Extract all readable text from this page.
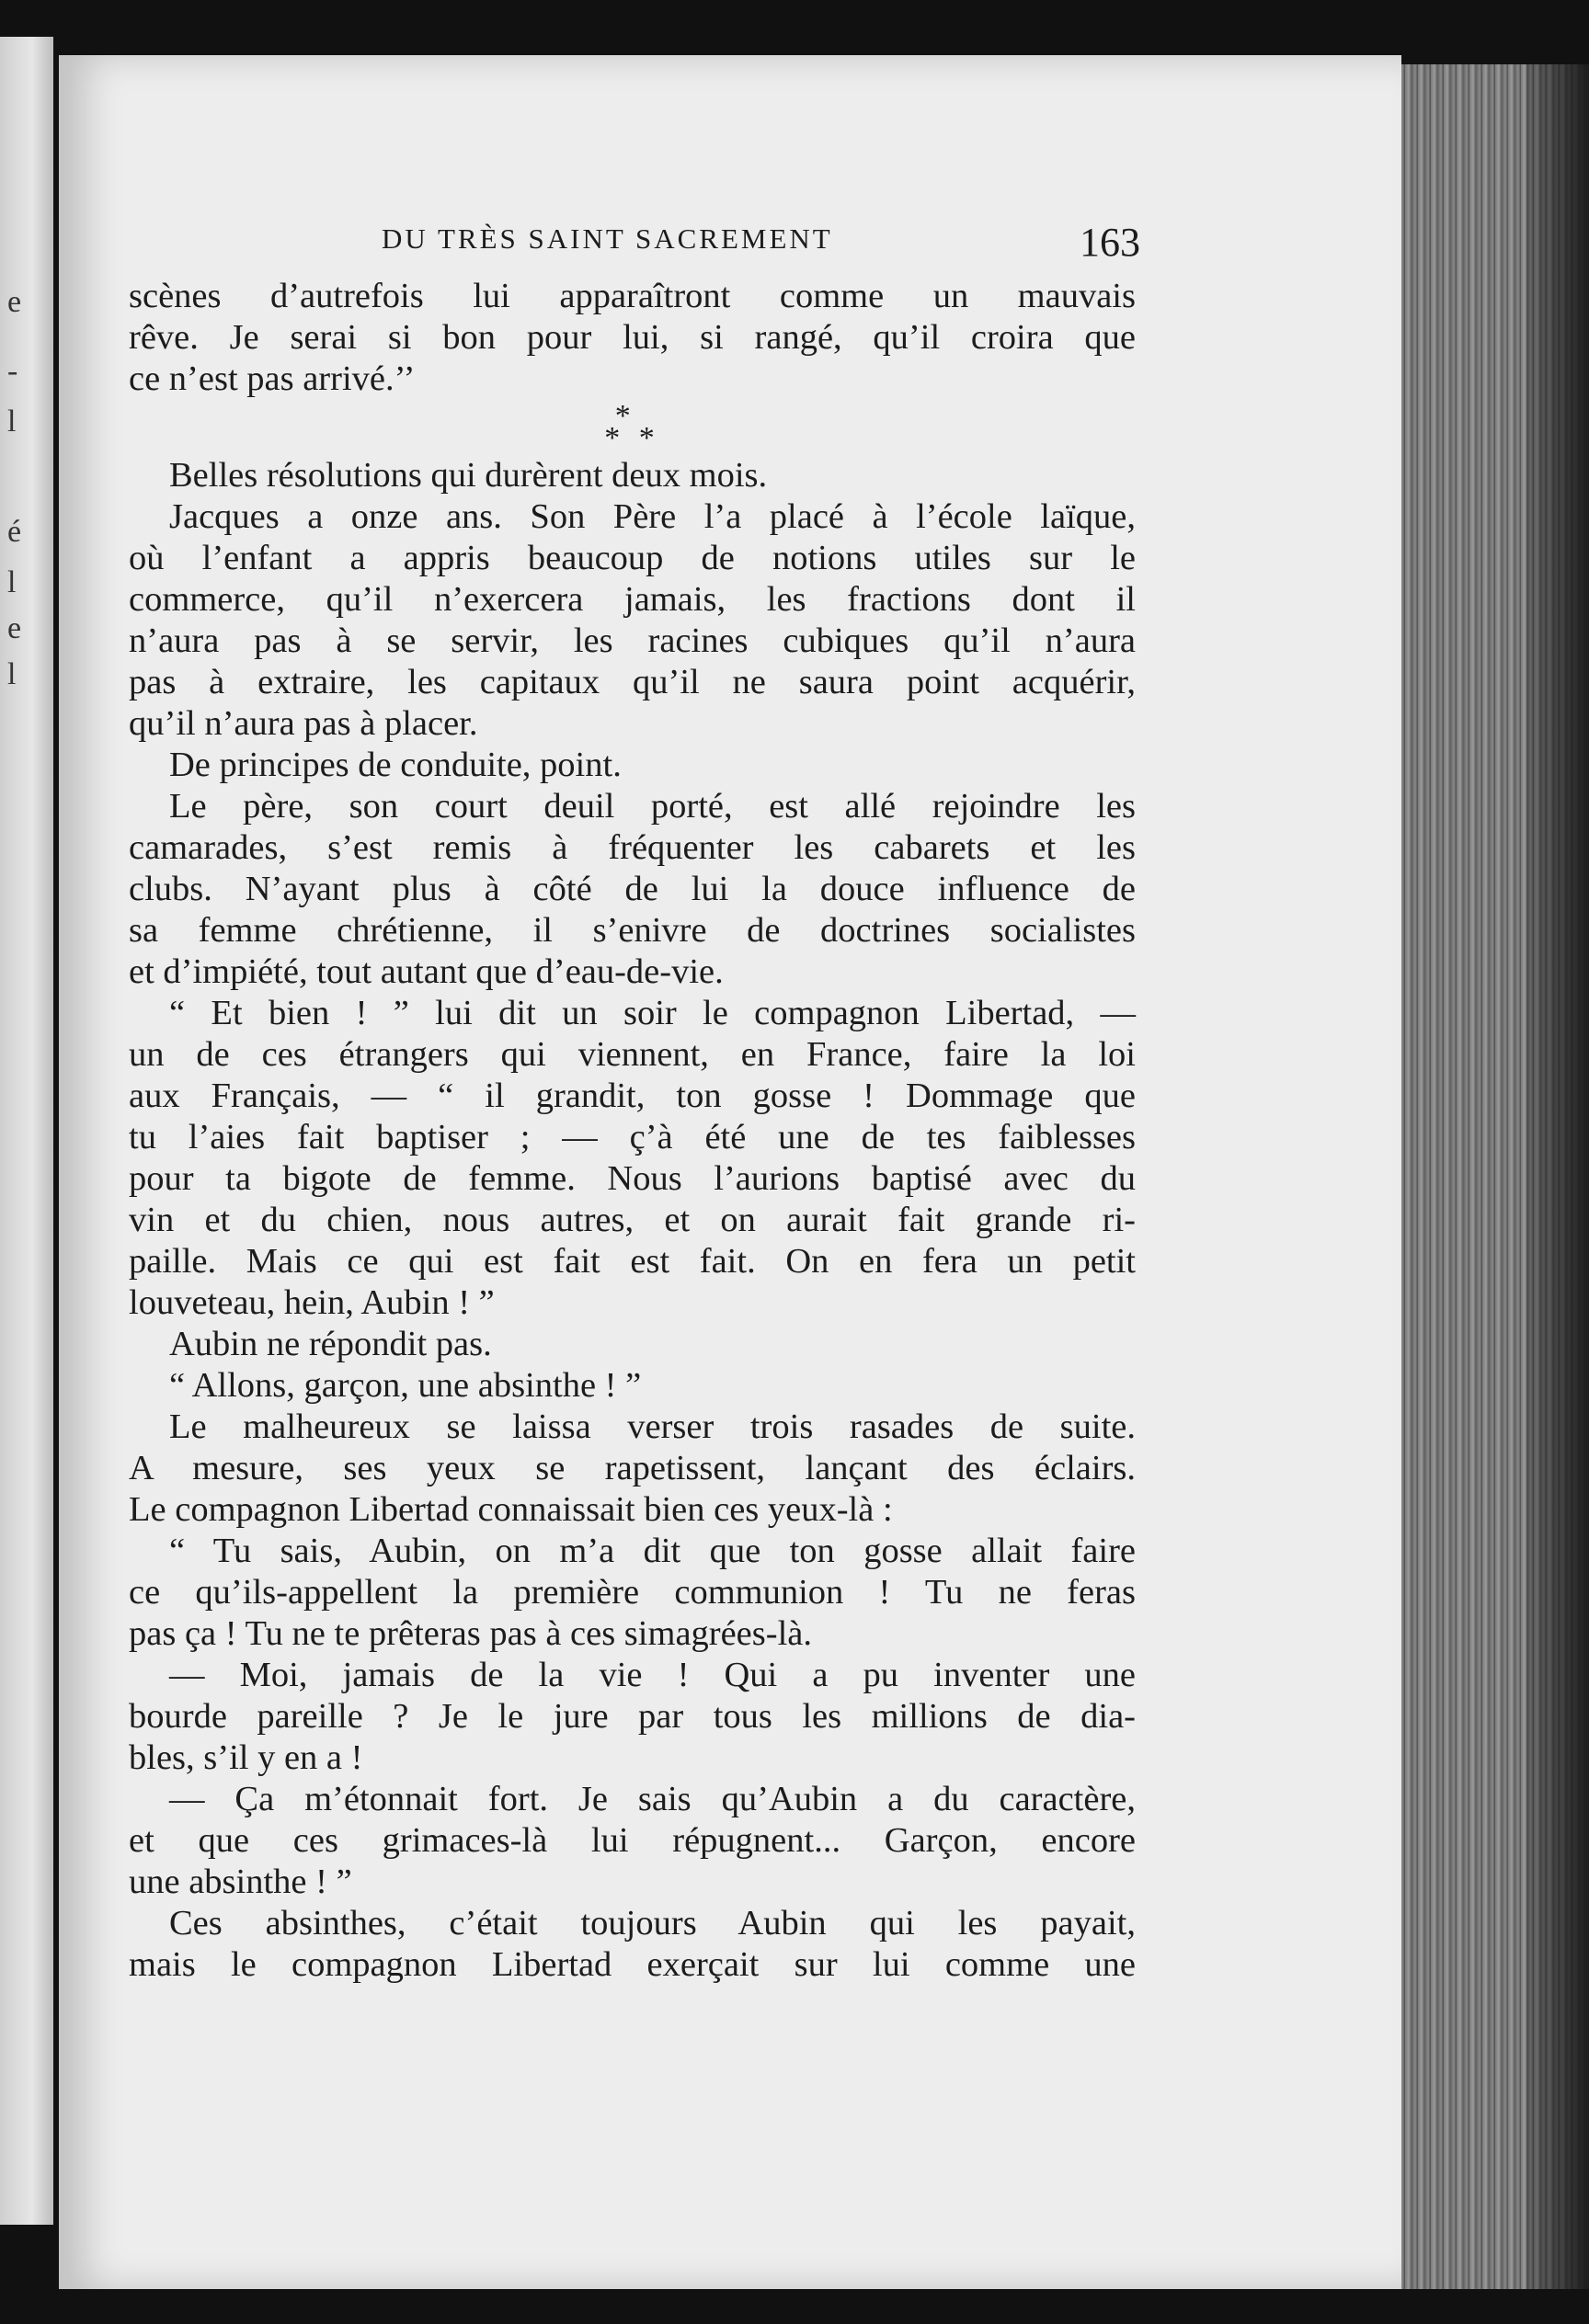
e
-
l
é
l
e
l
DU TRÈS SAINT SACREMENT	163
scènes d’autrefois lui apparaîtront comme un mauvais
rêve. Je serai si bon pour lui, si rangé, qu’il croira que
ce n’est pas arrivé.’’
*
* *
Belles résolutions qui durèrent deux mois.
Jacques a onze ans. Son Père l’a placé à l’école laïque,
où l’enfant a appris beaucoup de notions utiles sur le
commerce, qu’il n’exercera jamais, les fractions dont il
n’aura pas à se servir, les racines cubiques qu’il n’aura
pas à extraire, les capitaux qu’il ne saura point acquérir,
qu’il n’aura pas à placer.
De principes de conduite, point.
Le père, son court deuil porté, est allé rejoindre les
camarades, s’est remis à fréquenter les cabarets et les
clubs. N’ayant plus à côté de lui la douce influence de
sa femme chrétienne, il s’enivre de doctrines socialistes
et d’impiété, tout autant que d’eau-de-vie.
“ Et bien ! ” lui dit un soir le compagnon Libertad, —
un de ces étrangers qui viennent, en France, faire la loi
aux Français, — “ il grandit, ton gosse ! Dommage que
tu l’aies fait baptiser ; — ç’à été une de tes faiblesses
pour ta bigote de femme. Nous l’aurions baptisé avec du
vin et du chien, nous autres, et on aurait fait grande ri-
paille. Mais ce qui est fait est fait. On en fera un petit
louveteau, hein, Aubin ! ”
Aubin ne répondit pas.
“ Allons, garçon, une absinthe ! ”
Le malheureux se laissa verser trois rasades de suite.
A mesure, ses yeux se rapetissent, lançant des éclairs.
Le compagnon Libertad connaissait bien ces yeux-là :
“ Tu sais, Aubin, on m’a dit que ton gosse allait faire
ce qu’ils-appellent la première communion ! Tu ne feras
pas ça ! Tu ne te prêteras pas à ces simagrées-là.
— Moi, jamais de la vie ! Qui a pu inventer une
bourde pareille ? Je le jure par tous les millions de dia-
bles, s’il y en a !
— Ça m’étonnait fort. Je sais qu’Aubin a du caractère,
et que ces grimaces-là lui répugnent... Garçon, encore
une absinthe ! ”
Ces absinthes, c’était toujours Aubin qui les payait,
mais le compagnon Libertad exerçait sur lui comme une
